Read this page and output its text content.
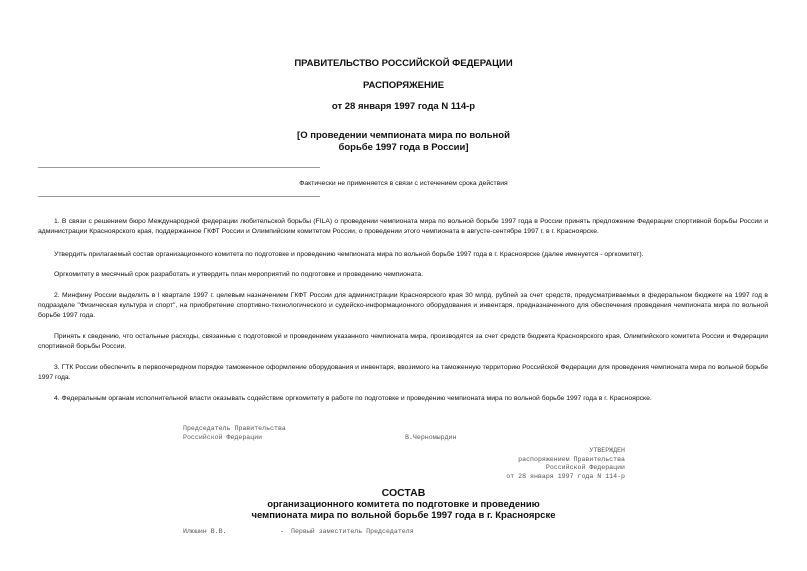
ПРАВИТЕЛЬСТВО РОССИЙСКОЙ ФЕДЕРАЦИИ
РАСПОРЯЖЕНИЕ
от 28 января 1997 года N 114-р
[О проведении чемпионата мира по вольной
борьбе 1997 года в России]
Фактически не применяется в связи с истечением срока действия

1. В связи с решением бюро Международной федерации любительской борьбы (FILA) о проведении чемпионата мира по вольной борьбе 1997 года в России принять предложение Федерации спортивной борьбы России и администрации Красноярского края, поддержанное ГКФТ России и Олимпийским комитетом России, о проведении этого чемпионата в августе-сентябре 1997 г. в г. Красноярске.

Утвердить прилагаемый состав организационного комитета по подготовке и проведению чемпионата мира по вольной борьбе 1997 года в г. Красноярске (далее именуется - оргкомитет).

Оргкомитету в месячный срок разработать и утвердить план мероприятий по подготовке и проведению чемпионата.

2. Минфину России выделить в I квартале 1997 г. целевым назначением ГКФТ России для администрации Красноярского края 30 млрд. рублей за счет средств, предусматриваемых в федеральном бюджете на 1997 год в подразделе "Физическая культура и спорт", на приобретение спортивно-технологического и судейско-информационного оборудования и инвентаря, предназначенного для обеспечения проведения чемпионата мира по вольной борьбе 1997 года.

Принять к сведению, что остальные расходы, связанные с подготовкой и проведением указанного чемпионата мира, производятся за счет средств бюджета Красноярского края, Олимпийского комитета России и Федерации спортивной борьбы России.

3. ГТК России обеспечить в первоочередном порядке таможенное оформление оборудования и инвентаря, ввозимого на таможенную территорию Российской Федерации для проведения чемпионата мира по вольной борьбе 1997 года.

4. Федеральным органам исполнительной власти оказывать содействие оргкомитету в работе по подготовке и проведению чемпионата мира по вольной борьбе 1997 года в г. Красноярске.

Председатель Правительства
Российской Федерации	В.Черномырдин
УТВЕРЖДЕН
распоряжением Правительства
Российской Федерации
от 28 января 1997 года N 114-р
СОСТАВ
организационного комитета по подготовке и проведению
чемпионата мира по вольной борьбе 1997 года в г. Красноярске
Илюшин В.В.	- Первый заместитель Председателя
